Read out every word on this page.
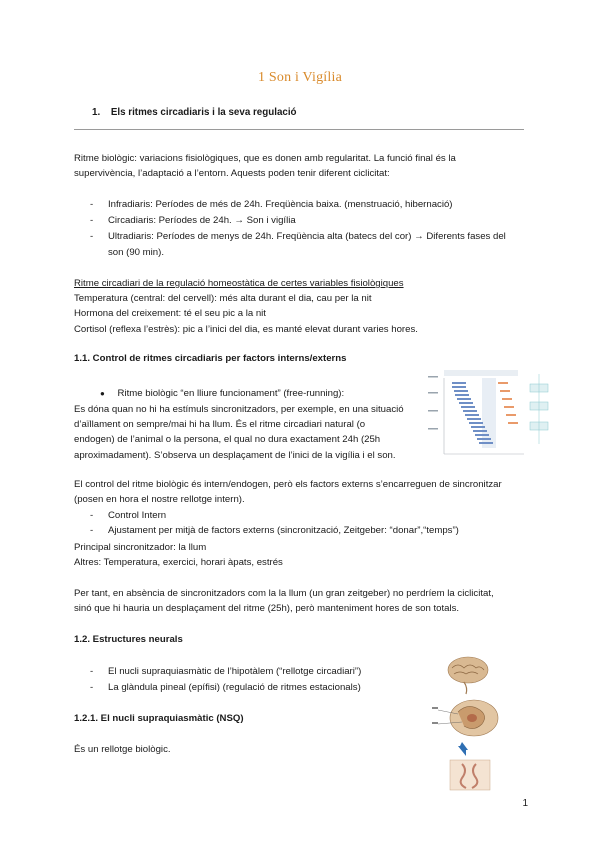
1 Son i Vigília
1. Els ritmes circadiaris i la seva regulació
Ritme biològic: variacions fisiològiques, que es donen amb regularitat. La funció final és la
supervivència, l’adaptació a l’entorn. Aquests poden tenir diferent ciclicitat:
- Infradiaris: Períodes de més de 24h. Freqüència baixa. (menstruació, hibernació)
- Circadiaris: Períodes de 24h. → Son i vigília
- Ultradiaris: Períodes de menys de 24h. Freqüència alta (batecs del cor) → Diferents fases del
son (90 min).
Ritme circadiari de la regulació homeostàtica de certes variables fisiològiques
Temperatura (central: del cervell): més alta durant el dia, cau per la nit
Hormona del creixement: té el seu pic a la nit
Cortisol (reflexa l’estrès): pic a l’inici del dia, es manté elevat durant varies hores.
1.1. Control de ritmes circadiaris per factors interns/externs
● Ritme biològic “en lliure funcionament” (free-running):
Es dóna quan no hi ha estímuls sincronitzadors, per exemple, en una situació
d’aïllament on sempre/mai hi ha llum. És el ritme circadiari natural (o
endogen) de l’animal o la persona, el qual no dura exactament 24h (25h
aproximadament). S’observa un desplaçament de l’inici de la vigília i el son.
El control del ritme biològic és intern/endogen, però els factors externs s’encarreguen de sincronitzar
(posen en hora el nostre rellotge intern).
- Control Intern
- Ajustament per mitjà de factors externs (sincronització, Zeitgeber: “donar”,“temps”)
Principal sincronitzador: la llum
Altres: Temperatura, exercici, horari àpats, estrés
Per tant, en absència de sincronitzadors com la la llum (un gran zeitgeber) no perdríem la ciclicitat,
sinó que hi hauria un desplaçament del ritme (25h), però manteniment hores de son totals.
1.2. Estructures neurals
- El nucli supraquiasmàtic de l’hipotàlem (“rellotge circadiari”)
- La glàndula pineal (epífisi) (regulació de ritmes estacionals)
1.2.1. El nucli supraquiasmàtic (NSQ)
És un rellotge biològic.
1
